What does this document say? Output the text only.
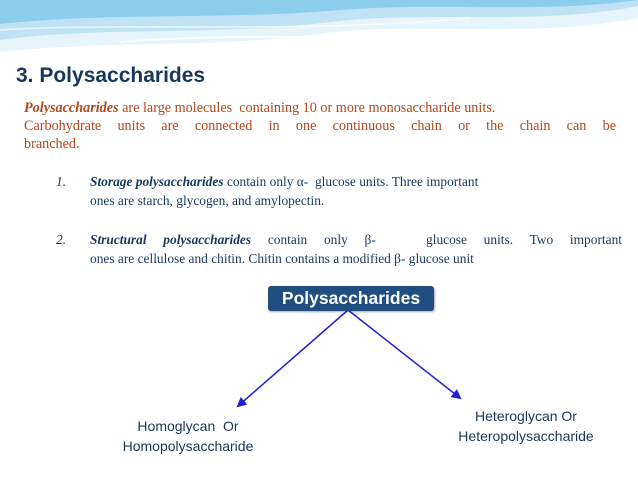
3. Polysaccharides
Polysaccharides are large molecules  containing 10 or more monosaccharide units.
Carbohydrate units are connected in one continuous chain or the chain can be
branched.
1. Storage polysaccharides contain only α-  glucose units. Three important
ones are starch, glycogen, and amylopectin.
2. Structural polysaccharides contain only β-   glucose units. Two important
ones are cellulose and chitin. Chitin contains a modified β- glucose unit
Polysaccharides
Homoglycan  Or
Homopolysaccharide
Heteroglycan Or
Heteropolysaccharide
